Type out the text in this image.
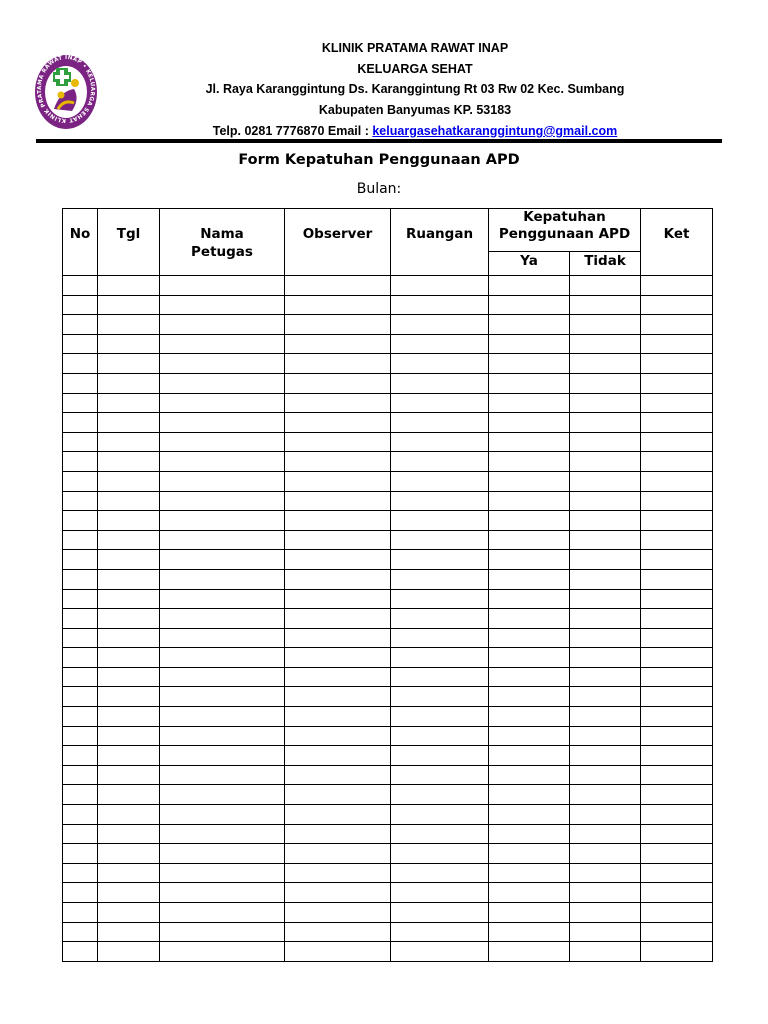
KLINIK PRATAMA RAWAT INAP • KELUARGA SEHAT
KLINIK PRATAMA RAWAT INAP
KELUARGA SEHAT
Jl. Raya Karanggintung Ds. Karanggintung Rt 03 Rw 02 Kec. Sumbang
Kabupaten Banyumas KP. 53183
Telp. 0281 7776870 Email : keluargasehatkaranggintung@gmail.com
Form Kepatuhan Penggunaan APD
Bulan:
No	Tgl	Nama Petugas	Observer	Ruangan	Kepatuhan Penggunaan APD		Ket
					Ya	Tidak	
